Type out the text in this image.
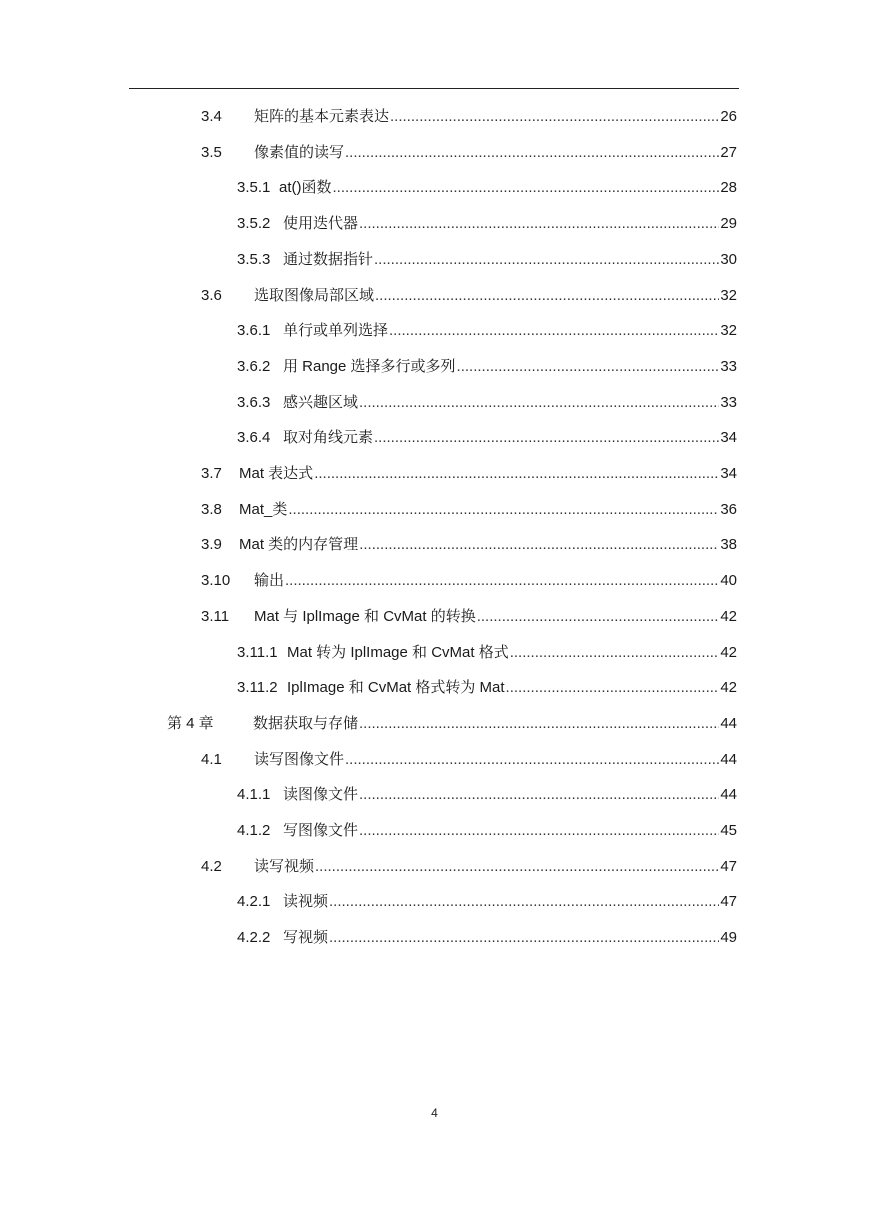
3.4	矩阵的基本元素表达 .....	26
3.5	像素值的读写 .....	27
3.5.1 at()函数 .....	28
3.5.2 使用迭代器 .....	29
3.5.3 通过数据指针 .....	30
3.6	选取图像局部区域 .....	32
3.6.1 单行或单列选择 .....	32
3.6.2 用 Range 选择多行或多列 .....	33
3.6.3 感兴趣区域 .....	33
3.6.4 取对角线元素 .....	34
3.7	Mat 表达式 .....	34
3.8	Mat_类 .....	36
3.9	Mat 类的内存管理 .....	38
3.10	输出 .....	40
3.11	Mat 与 IplImage 和 CvMat 的转换 .....	42
3.11.1 Mat 转为 IplImage 和 CvMat 格式 .....	42
3.11.2 IplImage 和 CvMat 格式转为 Mat .....	42
第 4 章	数据获取与存储 .....	44
4.1	读写图像文件 .....	44
4.1.1 读图像文件 .....	44
4.1.2 写图像文件 .....	45
4.2	读写视频 .....	47
4.2.1 读视频 .....	47
4.2.2 写视频 .....	49
4
